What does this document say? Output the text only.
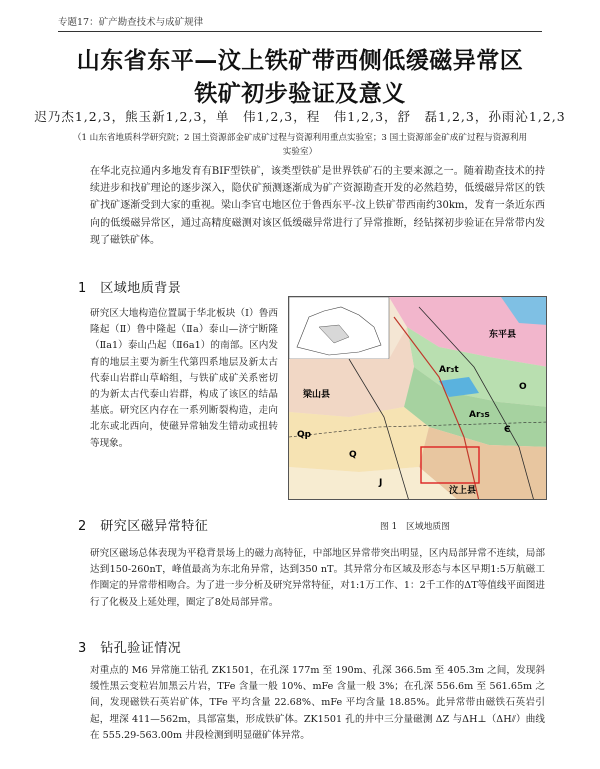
专题17：矿产勘查技术与成矿规律
山东省东平—汶上铁矿带西侧低缓磁异常区
铁矿初步验证及意义
迟乃杰1,2,3，熊玉新1,2,3，单　伟1,2,3，程　伟1,2,3，舒　磊1,2,3，孙雨沁1,2,3
（1 山东省地质科学研究院；2 国土资源部金矿成矿过程与资源利用重点实验室；3 国土资源部金矿成矿过程与资源利用实验室）
在华北克拉通内多地发育有BIF型铁矿，该类型铁矿是世界铁矿石的主要来源之一。随着勘查技术的持续进步和找矿理论的逐步深入，隐伏矿预测逐渐成为矿产资源勘查开发的必然趋势，低缓磁异常区的铁矿找矿逐渐受到大家的重视。梁山李官屯地区位于鲁西东平-汶上铁矿带西南约30km，发育一条近东西向的低缓磁异常区，通过高精度磁测对该区低缓磁异常进行了异常推断，经钻探初步验证在异常带内发现了磁铁矿体。
1　区域地质背景
研究区大地构造位置属于华北板块（Ⅰ）鲁西隆起（Ⅱ）鲁中隆起（Ⅱa）泰山—济宁断隆（Ⅱa1）泰山凸起（Ⅱ6a1）的南部。区内发育的地层主要为新生代第四系地层及新太古代泰山岩群山草峪组，与铁矿成矿关系密切的为新太古代泰山岩群，构成了该区的结晶基底。研究区内存在一系列断裂构造，走向北东或北西向，使磁异常轴发生错动或扭转等现象。
汶上县
东平县
梁山县
Ar₃t
Qp
Q
O
Є
Ar₃s
J
图 1　区域地质图
2　研究区磁异常特征
研究区磁场总体表现为平稳背景场上的磁力高特征，中部地区异常带突出明显，区内局部异常不连续，局部达到150-260nT，峰值最高为东北角异常，达到350 nT。其异常分布区域及形态与本区早期1:5万航磁工作圈定的异常带相吻合。为了进一步分析及研究异常特征，对1:1万工作、1：2千工作的ΔT等值线平面图进行了化极及上延处理，圈定了8处局部异常。
3　钻孔验证情况
对重点的 M6 异常施工钻孔 ZK1501，在孔深 177m 至 190m、孔深 366.5m 至 405.3m 之间，发现斜缓性黑云变粒岩加黑云片岩，TFe 含量一般 10%、mFe 含量一般 3%；在孔深 556.6m 至 561.65m 之间，发现磁铁石英岩矿体，TFe 平均含量 22.68%、mFe 平均含量 18.85%。此异常带由磁铁石英岩引起，埋深 411—562m，具部富集，形成铁矿体。ZK1501 孔的井中三分量磁测 ΔZ 与ΔH⊥（ΔH⫽）曲线在 555.29-563.00m 井段检测到明显磁矿体异常。
